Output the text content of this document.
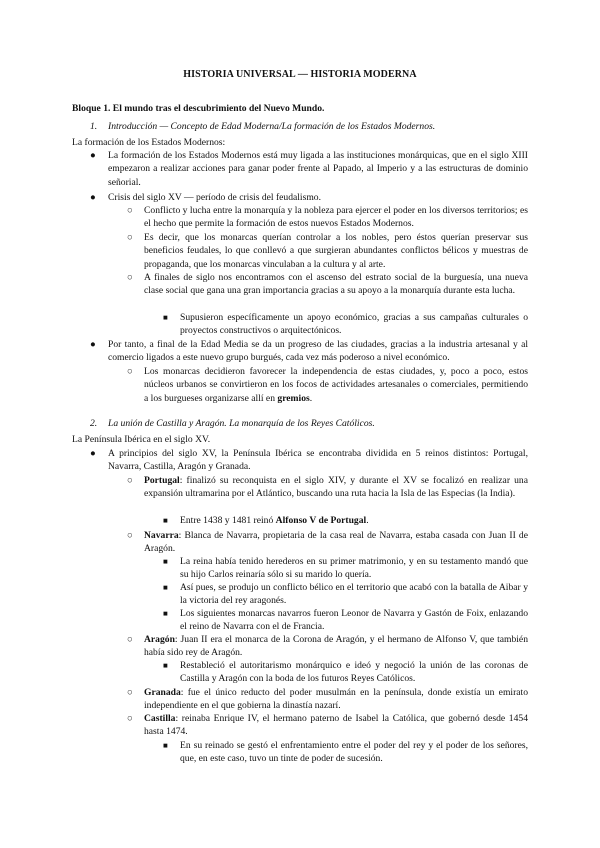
HISTORIA UNIVERSAL — HISTORIA MODERNA
Bloque 1. El mundo tras el descubrimiento del Nuevo Mundo.
1. Introducción — Concepto de Edad Moderna/La formación de los Estados Modernos.
La formación de los Estados Modernos:
● La formación de los Estados Modernos está muy ligada a las instituciones monárquicas, que en el siglo XIII empezaron a realizar acciones para ganar poder frente al Papado, al Imperio y a las estructuras de dominio señorial.
● Crisis del siglo XV — período de crisis del feudalismo.
○ Conflicto y lucha entre la monarquía y la nobleza para ejercer el poder en los diversos territorios; es el hecho que permite la formación de estos nuevos Estados Modernos.
○ Es decir, que los monarcas querían controlar a los nobles, pero éstos querían preservar sus beneficios feudales, lo que conllevó a que surgieran abundantes conflictos bélicos y muestras de propaganda, que los monarcas vinculaban a la cultura y al arte.
○ A finales de siglo nos encontramos con el ascenso del estrato social de la burguesía, una nueva clase social que gana una gran importancia gracias a su apoyo a la monarquía durante esta lucha.
■ Supusieron específicamente un apoyo económico, gracias a sus campañas culturales o proyectos constructivos o arquitectónicos.
● Por tanto, a final de la Edad Media se da un progreso de las ciudades, gracias a la industria artesanal y al comercio ligados a este nuevo grupo burgués, cada vez más poderoso a nivel económico.
○ Los monarcas decidieron favorecer la independencia de estas ciudades, y, poco a poco, estos núcleos urbanos se convirtieron en los focos de actividades artesanales o comerciales, permitiendo a los burgueses organizarse allí en gremios.
2. La unión de Castilla y Aragón. La monarquía de los Reyes Católicos.
La Península Ibérica en el siglo XV.
● A principios del siglo XV, la Península Ibérica se encontraba dividida en 5 reinos distintos: Portugal, Navarra, Castilla, Aragón y Granada.
○ Portugal: finalizó su reconquista en el siglo XIV, y durante el XV se focalizó en realizar una expansión ultramarina por el Atlántico, buscando una ruta hacia la Isla de las Especias (la India).
■ Entre 1438 y 1481 reinó Alfonso V de Portugal.
○ Navarra: Blanca de Navarra, propietaria de la casa real de Navarra, estaba casada con Juan II de Aragón.
■ La reina había tenido herederos en su primer matrimonio, y en su testamento mandó que su hijo Carlos reinaría sólo si su marido lo quería.
■ Así pues, se produjo un conflicto bélico en el territorio que acabó con la batalla de Aibar y la victoria del rey aragonés.
■ Los siguientes monarcas navarros fueron Leonor de Navarra y Gastón de Foix, enlazando el reino de Navarra con el de Francia.
○ Aragón: Juan II era el monarca de la Corona de Aragón, y el hermano de Alfonso V, que también había sido rey de Aragón.
■ Restableció el autoritarismo monárquico e ideó y negoció la unión de las coronas de Castilla y Aragón con la boda de los futuros Reyes Católicos.
○ Granada: fue el único reducto del poder musulmán en la península, donde existía un emirato independiente en el que gobierna la dinastía nazarí.
○ Castilla: reinaba Enrique IV, el hermano paterno de Isabel la Católica, que gobernó desde 1454 hasta 1474.
■ En su reinado se gestó el enfrentamiento entre el poder del rey y el poder de los señores, que, en este caso, tuvo un tinte de poder de sucesión.
